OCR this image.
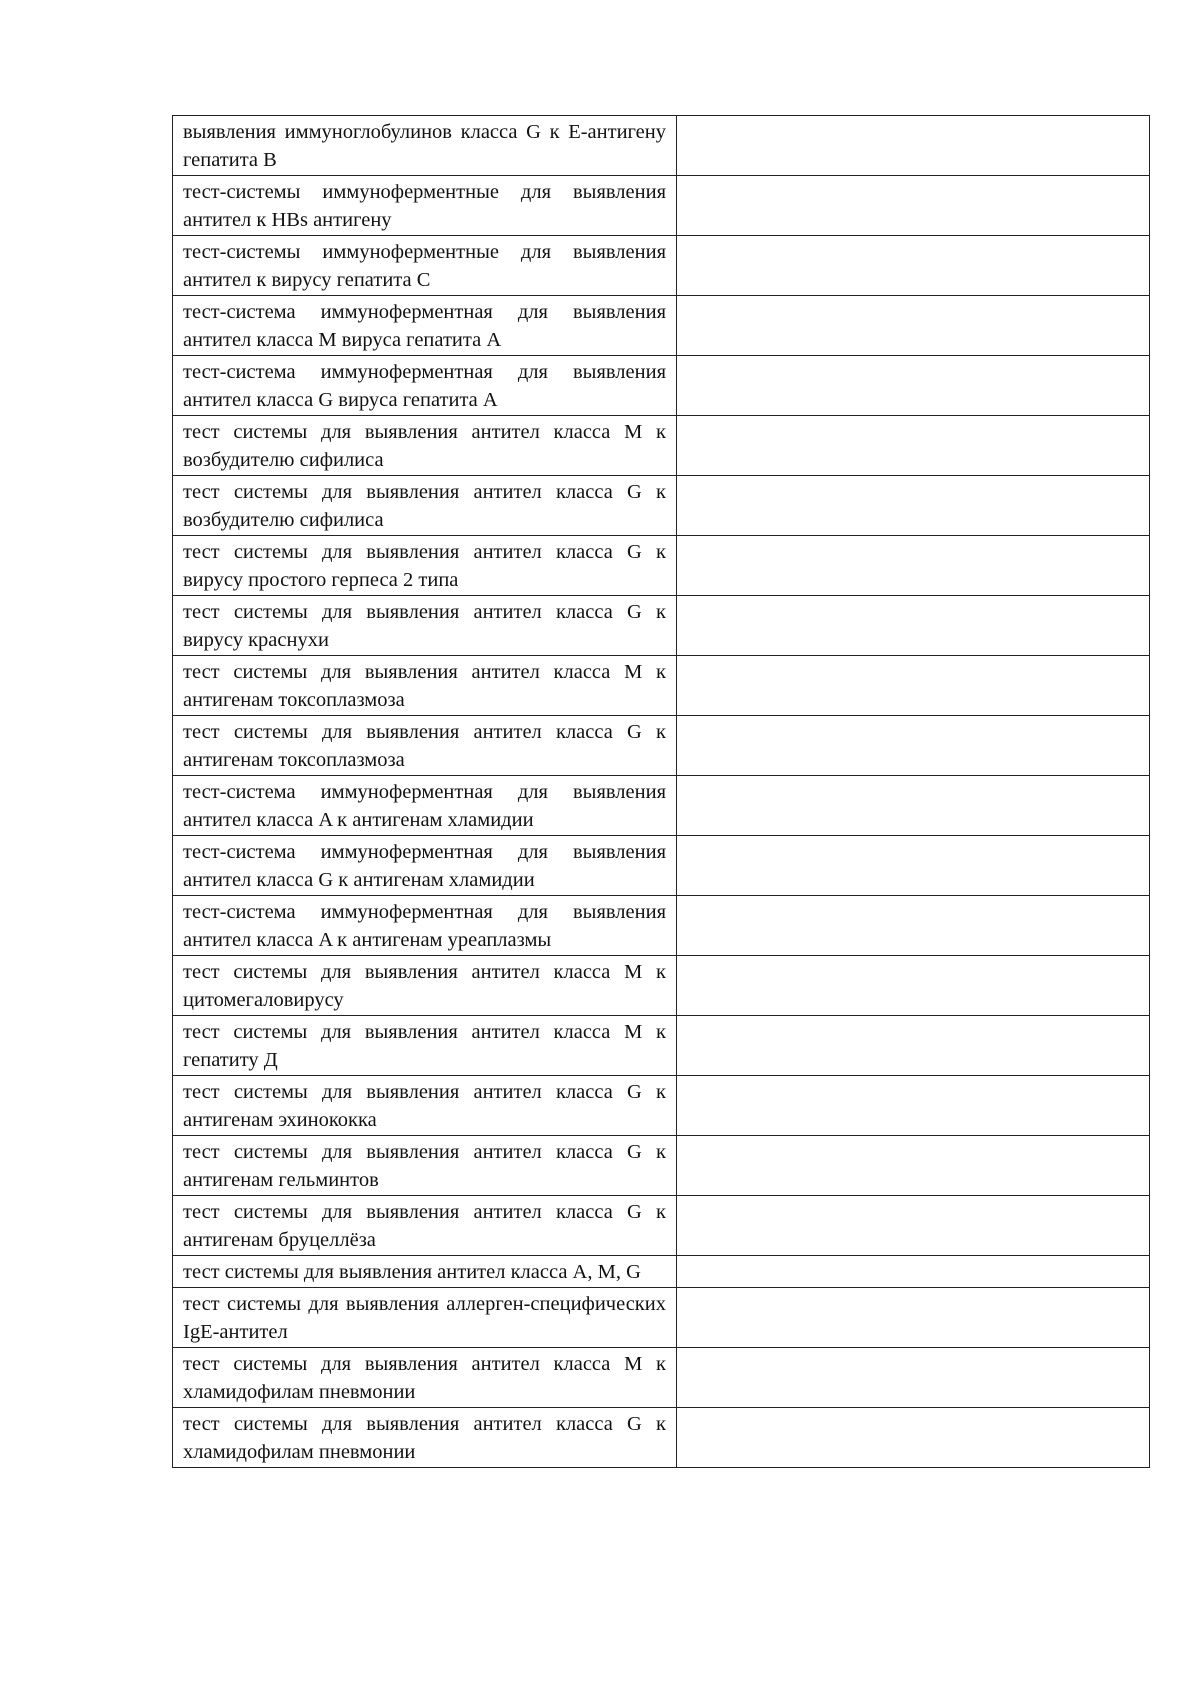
выявления иммуноглобулинов класса G к E-антигену гепатита B	

тест-системы иммуноферментные для выявления антител к HBs антигену	

тест-системы иммуноферментные для выявления антител к вирусу гепатита C	

тест-система иммуноферментная для выявления антител класса M вируса гепатита A	

тест-система иммуноферментная для выявления антител класса G вируса гепатита A	

тест системы для выявления антител класса M к возбудителю сифилиса	

тест системы для выявления антител класса G к возбудителю сифилиса	

тест системы для выявления антител класса G к вирусу простого герпеса 2 типа	

тест системы для выявления антител класса G к вирусу краснухи	

тест системы для выявления антител класса M к антигенам токсоплазмоза	

тест системы для выявления антител класса G к антигенам токсоплазмоза	

тест-система иммуноферментная для выявления антител класса A к антигенам хламидии	

тест-система иммуноферментная для выявления антител класса G к антигенам хламидии	

тест-система иммуноферментная для выявления антител класса A к антигенам уреаплазмы	

тест системы для выявления антител класса M к цитомегаловирусу	

тест системы для выявления антител класса M к гепатиту Д	

тест системы для выявления антител класса G к антигенам эхинококка	

тест системы для выявления антител класса G к антигенам гельминтов	

тест системы для выявления антител класса G к антигенам бруцеллёза	

тест системы для выявления антител класса A, M, G	

тест системы для выявления аллерген-специфических IgE-антител	

тест системы для выявления антител класса M к хламидофилам пневмонии	

тест системы для выявления антител класса G к хламидофилам пневмонии	
